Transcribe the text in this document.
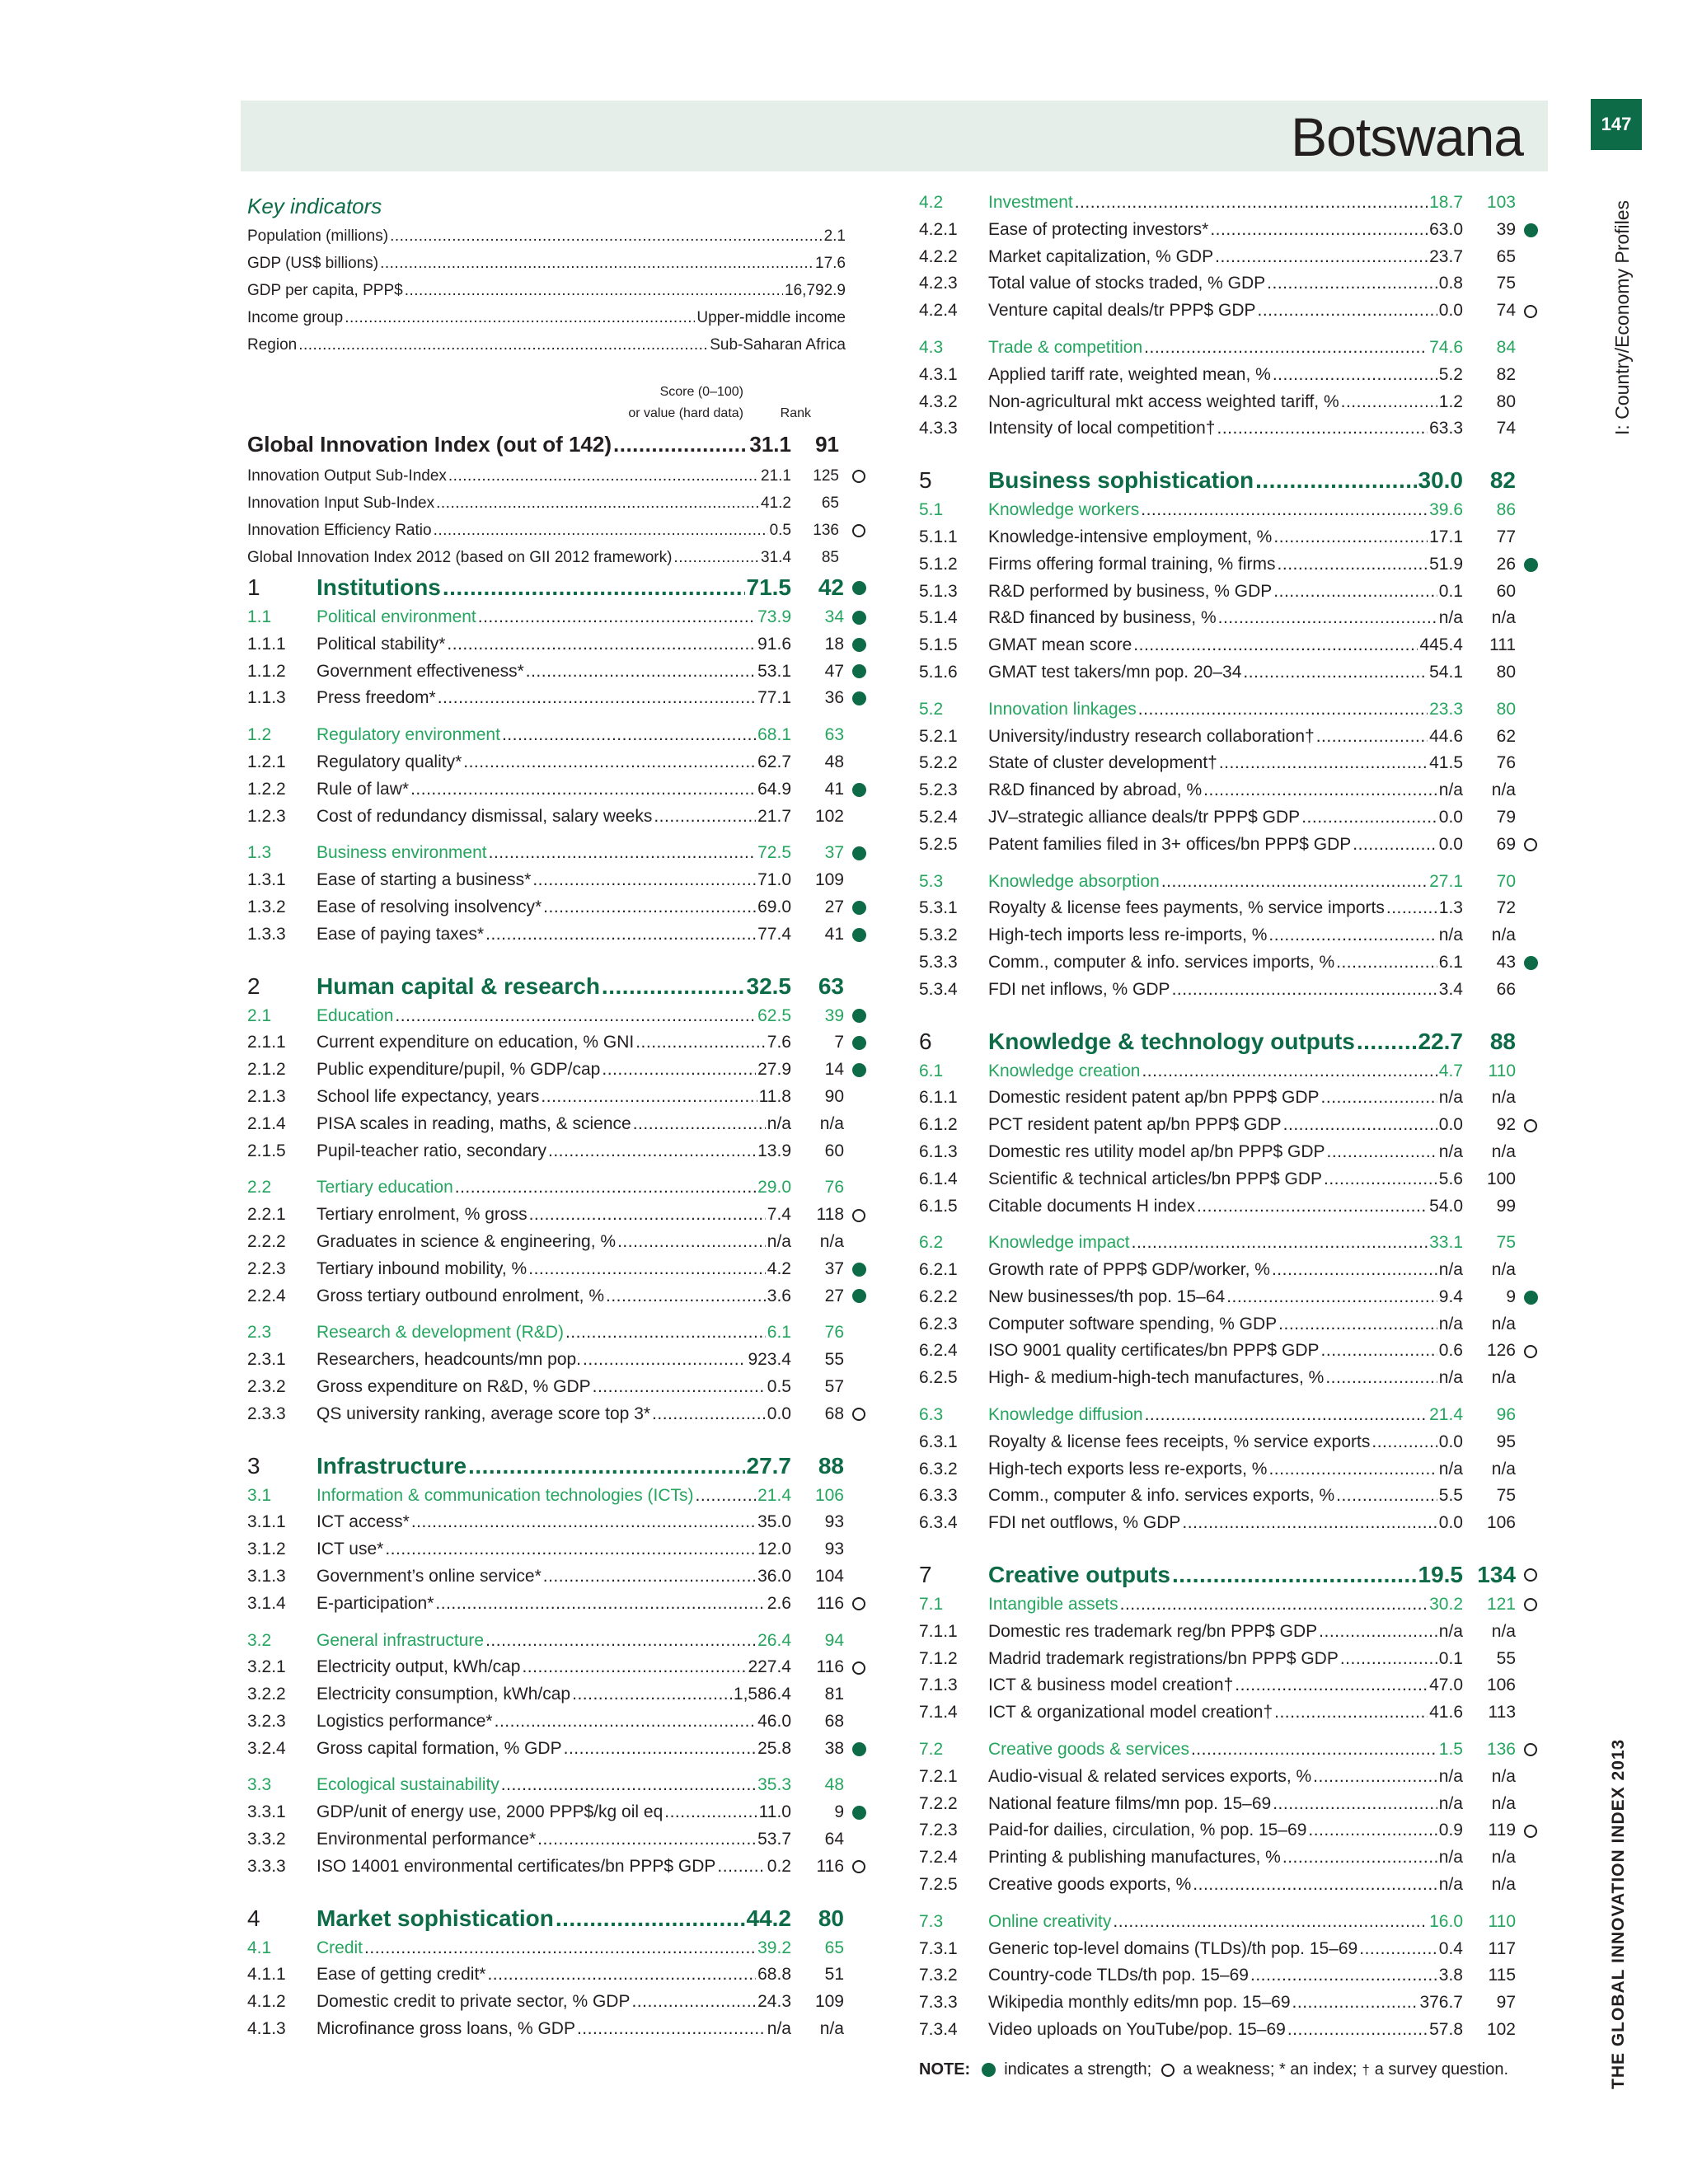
Botswana	147
I: Country/Economy Profiles
THE GLOBAL INNOVATION INDEX 2013
Key indicators
Population (millions) .....	2.1
GDP (US$ billions) .....	17.6
GDP per capita, PPP$ .....	16,792.9
Income group .....	Upper-middle income
Region .....	Sub-Saharan Africa
Score (0–100)
or value (hard data)	Rank
Global Innovation Index (out of 142) .....	31.1	91
Innovation Output Sub-Index .....	21.1	125
Innovation Input Sub-Index .....	41.2	65
Innovation Efficiency Ratio .....	0.5	136
Global Innovation Index 2012 (based on GII 2012 framework) .....	31.4	85
1	Institutions .....	71.5	42
1.1	Political environment .....	73.9	34
1.1.1	Political stability* .....	91.6	18
1.1.2	Government effectiveness* .....	53.1	47
1.1.3	Press freedom* .....	77.1	36
1.2	Regulatory environment .....	68.1	63
1.2.1	Regulatory quality* .....	62.7	48
1.2.2	Rule of law* .....	64.9	41
1.2.3	Cost of redundancy dismissal, salary weeks .....	21.7	102
1.3	Business environment .....	72.5	37
1.3.1	Ease of starting a business* .....	71.0	109
1.3.2	Ease of resolving insolvency* .....	69.0	27
1.3.3	Ease of paying taxes* .....	77.4	41
2	Human capital & research .....	32.5	63
2.1	Education .....	62.5	39
2.1.1	Current expenditure on education, % GNI .....	7.6	7
2.1.2	Public expenditure/pupil, % GDP/cap .....	27.9	14
2.1.3	School life expectancy, years .....	11.8	90
2.1.4	PISA scales in reading, maths, & science .....	n/a	n/a
2.1.5	Pupil-teacher ratio, secondary .....	13.9	60
2.2	Tertiary education .....	29.0	76
2.2.1	Tertiary enrolment, % gross .....	7.4	118
2.2.2	Graduates in science & engineering, % .....	n/a	n/a
2.2.3	Tertiary inbound mobility, % .....	4.2	37
2.2.4	Gross tertiary outbound enrolment, % .....	3.6	27
2.3	Research & development (R&D) .....	6.1	76
2.3.1	Researchers, headcounts/mn pop. .....	923.4	55
2.3.2	Gross expenditure on R&D, % GDP .....	0.5	57
2.3.3	QS university ranking, average score top 3* .....	0.0	68
3	Infrastructure .....	27.7	88
3.1	Information & communication technologies (ICTs) .....	21.4	106
3.1.1	ICT access* .....	35.0	93
3.1.2	ICT use* .....	12.0	93
3.1.3	Government’s online service* .....	36.0	104
3.1.4	E-participation* .....	2.6	116
3.2	General infrastructure .....	26.4	94
3.2.1	Electricity output, kWh/cap .....	227.4	116
3.2.2	Electricity consumption, kWh/cap .....	1,586.4	81
3.2.3	Logistics performance* .....	46.0	68
3.2.4	Gross capital formation, % GDP .....	25.8	38
3.3	Ecological sustainability .....	35.3	48
3.3.1	GDP/unit of energy use, 2000 PPP$/kg oil eq .....	11.0	9
3.3.2	Environmental performance* .....	53.7	64
3.3.3	ISO 14001 environmental certificates/bn PPP$ GDP .....	0.2	116
4	Market sophistication .....	44.2	80
4.1	Credit .....	39.2	65
4.1.1	Ease of getting credit* .....	68.8	51
4.1.2	Domestic credit to private sector, % GDP .....	24.3	109
4.1.3	Microfinance gross loans, % GDP .....	n/a	n/a
4.2	Investment .....	18.7	103
4.2.1	Ease of protecting investors* .....	63.0	39
4.2.2	Market capitalization, % GDP .....	23.7	65
4.2.3	Total value of stocks traded, % GDP .....	0.8	75
4.2.4	Venture capital deals/tr PPP$ GDP .....	0.0	74
4.3	Trade & competition .....	74.6	84
4.3.1	Applied tariff rate, weighted mean, % .....	5.2	82
4.3.2	Non-agricultural mkt access weighted tariff, % .....	1.2	80
4.3.3	Intensity of local competition† .....	63.3	74
5	Business sophistication .....	30.0	82
5.1	Knowledge workers .....	39.6	86
5.1.1	Knowledge-intensive employment, % .....	17.1	77
5.1.2	Firms offering formal training, % firms .....	51.9	26
5.1.3	R&D performed by business, % GDP .....	0.1	60
5.1.4	R&D financed by business, % .....	n/a	n/a
5.1.5	GMAT mean score .....	445.4	111
5.1.6	GMAT test takers/mn pop. 20–34 .....	54.1	80
5.2	Innovation linkages .....	23.3	80
5.2.1	University/industry research collaboration† .....	44.6	62
5.2.2	State of cluster development† .....	41.5	76
5.2.3	R&D financed by abroad, % .....	n/a	n/a
5.2.4	JV–strategic alliance deals/tr PPP$ GDP .....	0.0	79
5.2.5	Patent families filed in 3+ offices/bn PPP$ GDP .....	0.0	69
5.3	Knowledge absorption .....	27.1	70
5.3.1	Royalty & license fees payments, % service imports .....	1.3	72
5.3.2	High-tech imports less re-imports, % .....	n/a	n/a
5.3.3	Comm., computer & info. services imports, % .....	6.1	43
5.3.4	FDI net inflows, % GDP .....	3.4	66
6	Knowledge & technology outputs .....	22.7	88
6.1	Knowledge creation .....	4.7	110
6.1.1	Domestic resident patent ap/bn PPP$ GDP .....	n/a	n/a
6.1.2	PCT resident patent ap/bn PPP$ GDP .....	0.0	92
6.1.3	Domestic res utility model ap/bn PPP$ GDP .....	n/a	n/a
6.1.4	Scientific & technical articles/bn PPP$ GDP .....	5.6	100
6.1.5	Citable documents H index .....	54.0	99
6.2	Knowledge impact .....	33.1	75
6.2.1	Growth rate of PPP$ GDP/worker, % .....	n/a	n/a
6.2.2	New businesses/th pop. 15–64 .....	9.4	9
6.2.3	Computer software spending, % GDP .....	n/a	n/a
6.2.4	ISO 9001 quality certificates/bn PPP$ GDP .....	0.6	126
6.2.5	High- & medium-high-tech manufactures, % .....	n/a	n/a
6.3	Knowledge diffusion .....	21.4	96
6.3.1	Royalty & license fees receipts, % service exports .....	0.0	95
6.3.2	High-tech exports less re-exports, % .....	n/a	n/a
6.3.3	Comm., computer & info. services exports, % .....	5.5	75
6.3.4	FDI net outflows, % GDP .....	0.0	106
7	Creative outputs .....	19.5 134
7.1	Intangible assets .....	30.2	121
7.1.1	Domestic res trademark reg/bn PPP$ GDP .....	n/a	n/a
7.1.2	Madrid trademark registrations/bn PPP$ GDP .....	0.1	55
7.1.3	ICT & business model creation† .....	47.0	106
7.1.4	ICT & organizational model creation† .....	41.6	113
7.2	Creative goods & services .....	1.5	136
7.2.1	Audio-visual & related services exports, % .....	n/a	n/a
7.2.2	National feature films/mn pop. 15–69 .....	n/a	n/a
7.2.3	Paid-for dailies, circulation, % pop. 15–69 .....	0.9	119
7.2.4	Printing & publishing manufactures, % .....	n/a	n/a
7.2.5	Creative goods exports, % .....	n/a	n/a
7.3	Online creativity .....	16.0	110
7.3.1	Generic top-level domains (TLDs)/th pop. 15–69 .....	0.4	117
7.3.2	Country-code TLDs/th pop. 15–69 .....	3.8	115
7.3.3	Wikipedia monthly edits/mn pop. 15–69 .....	376.7	97
7.3.4	Video uploads on YouTube/pop. 15–69 .....	57.8	102
NOTE: indicates a strength; a weakness; * an index; † a survey question.
